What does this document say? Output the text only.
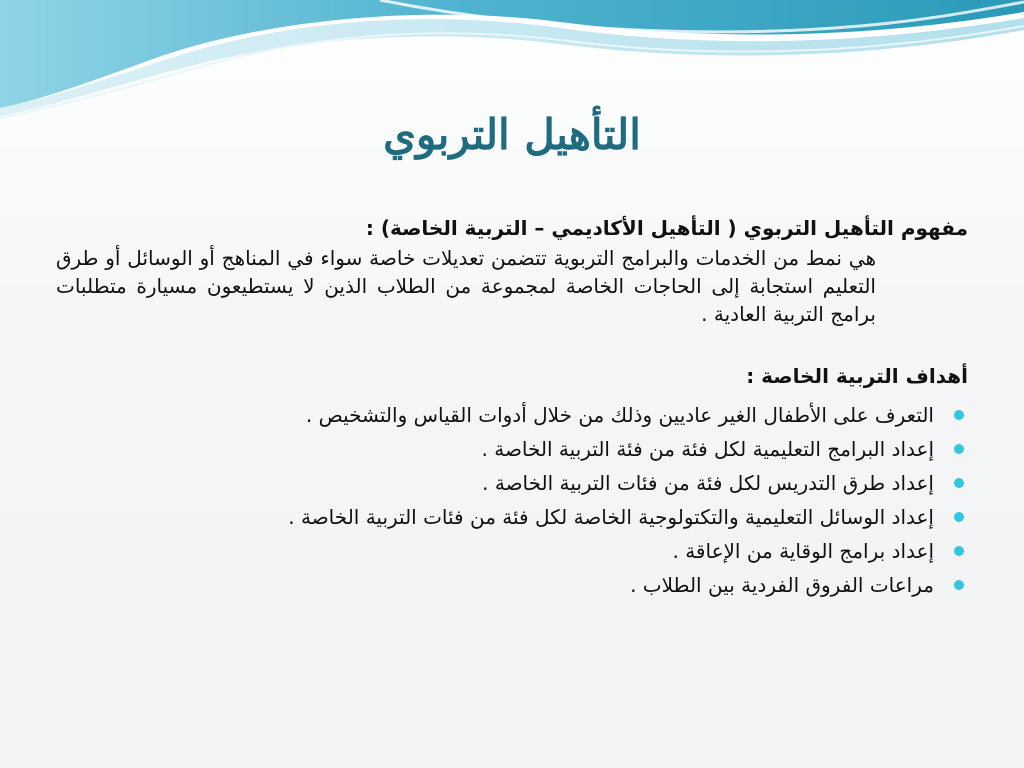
التأهيل التربوي

مفهوم التأهيل التربوي ( التأهيل الأكاديمي – التربية الخاصة) :

هي نمط من الخدمات والبرامج التربوية تتضمن تعديلات خاصة سواء في المناهج أو الوسائل أو طرق التعليم استجابة إلى الحاجات الخاصة لمجموعة من الطلاب الذين لا يستطيعون مسيارة متطلبات برامج التربية العادية .

أهداف التربية الخاصة :

التعرف على الأطفال الغير عاديين وذلك من خلال أدوات القياس والتشخيص .
إعداد البرامج التعليمية لكل فئة من فئة التربية الخاصة .
إعداد طرق التدريس لكل فئة من فئات التربية الخاصة .
إعداد الوسائل التعليمية والتكتولوجية الخاصة لكل فئة من فئات التربية الخاصة .
إعداد برامج الوقاية من الإعاقة .
مراعات الفروق الفردية بين الطلاب .
